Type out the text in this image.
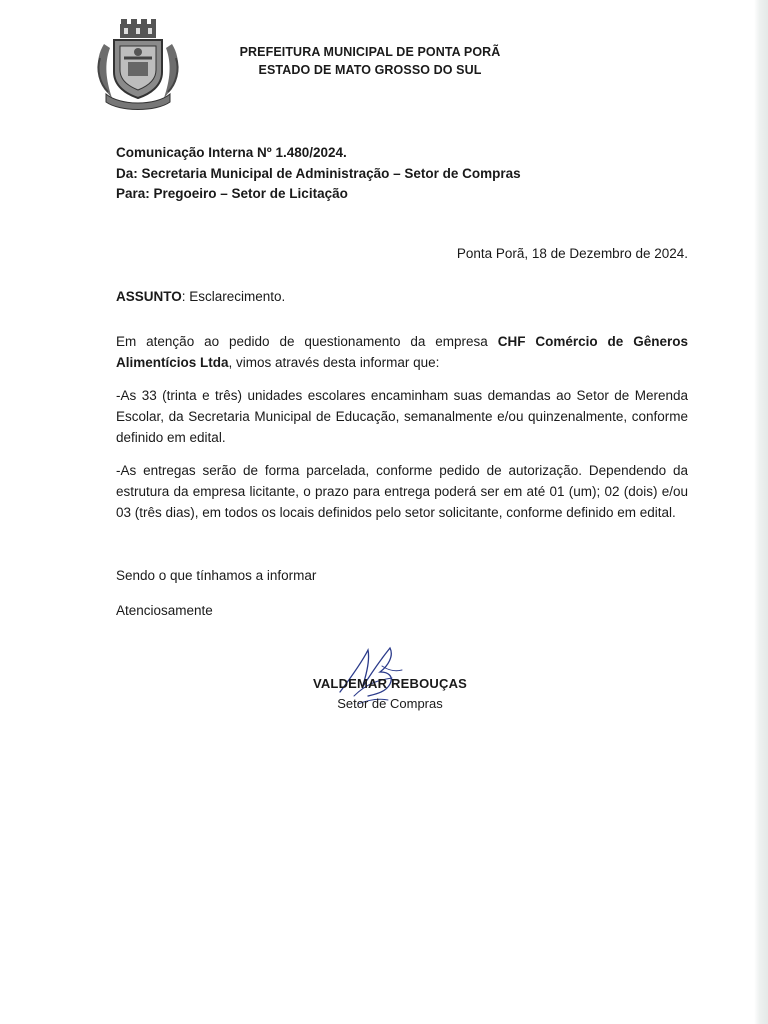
PREFEITURA MUNICIPAL DE PONTA PORÃ
ESTADO DE MATO GROSSO DO SUL
Comunicação Interna Nº 1.480/2024.
Da: Secretaria Municipal de Administração – Setor de Compras
Para: Pregoeiro – Setor de Licitação
Ponta Porã, 18 de Dezembro de 2024.
ASSUNTO: Esclarecimento.

Em atenção ao pedido de questionamento da empresa CHF Comércio de Gêneros Alimentícios Ltda, vimos através desta informar que:

-As 33 (trinta e três) unidades escolares encaminham suas demandas ao Setor de Merenda Escolar, da Secretaria Municipal de Educação, semanalmente e/ou quinzenalmente, conforme definido em edital.

-As entregas serão de forma parcelada, conforme pedido de autorização. Dependendo da estrutura da empresa licitante, o prazo para entrega poderá ser em até 01 (um); 02 (dois) e/ou 03 (três dias), em todos os locais definidos pelo setor solicitante, conforme definido em edital.

Sendo o que tínhamos a informar
Atenciosamente
VALDEMAR REBOUÇAS
Setor de Compras
